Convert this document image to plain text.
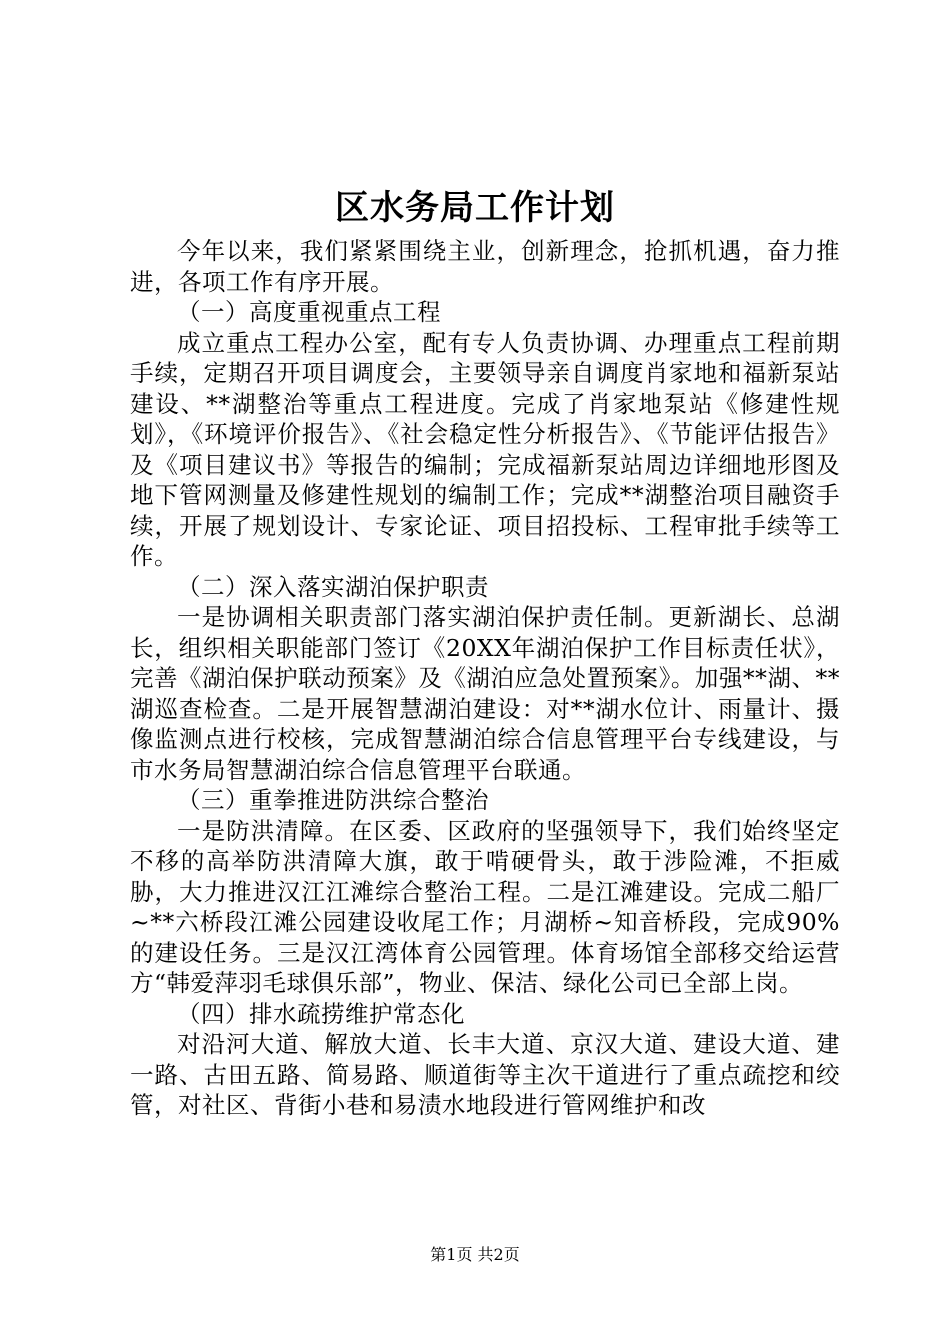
区水务局工作计划

今年以来，我们紧紧围绕主业，创新理念，抢抓机遇，奋力推进，各项工作有序开展。

（一）高度重视重点工程

成立重点工程办公室，配有专人负责协调、办理重点工程前期手续，定期召开项目调度会，主要领导亲自调度肖家地和福新泵站建设、**湖整治等重点工程进度。完成了肖家地泵站《修建性规划》，《环境评价报告》、《社会稳定性分析报告》、《节能评估报告》及《项目建议书》等报告的编制；完成福新泵站周边详细地形图及地下管网测量及修建性规划的编制工作；完成**湖整治项目融资手续，开展了规划设计、专家论证、项目招投标、工程审批手续等工作。

（二）深入落实湖泊保护职责

一是协调相关职责部门落实湖泊保护责任制。更新湖长、总湖长，组织相关职能部门签订《20XX年湖泊保护工作目标责任状》，完善《湖泊保护联动预案》及《湖泊应急处置预案》。加强**湖、**湖巡查检查。二是开展智慧湖泊建设：对**湖水位计、雨量计、摄像监测点进行校核，完成智慧湖泊综合信息管理平台专线建设，与市水务局智慧湖泊综合信息管理平台联通。

（三）重拳推进防洪综合整治

一是防洪清障。在区委、区政府的坚强领导下，我们始终坚定不移的高举防洪清障大旗，敢于啃硬骨头，敢于涉险滩，不拒威胁，大力推进汉江江滩综合整治工程。二是江滩建设。完成二船厂~**六桥段江滩公园建设收尾工作；月湖桥~知音桥段，完成90%的建设任务。三是汉江湾体育公园管理。体育场馆全部移交给运营方“韩爱萍羽毛球俱乐部”，物业、保洁、绿化公司已全部上岗。

（四）排水疏捞维护常态化

对沿河大道、解放大道、长丰大道、京汉大道、建设大道、建一路、古田五路、简易路、顺道街等主次干道进行了重点疏挖和绞管，对社区、背街小巷和易渍水地段进行管网维护和改

第1页 共2页
